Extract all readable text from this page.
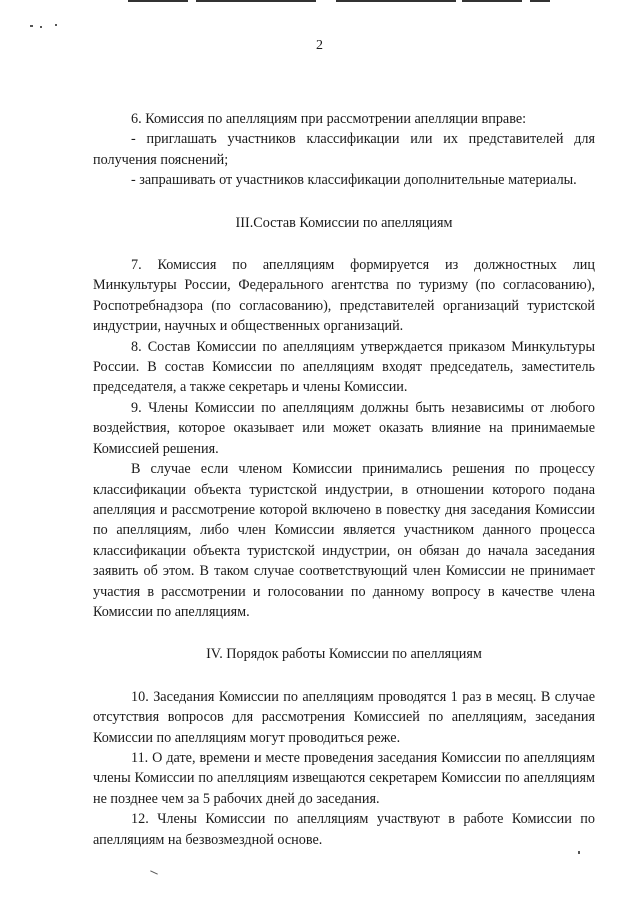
2

6. Комиссия по апелляциям при рассмотрении апелляции вправе:

- приглашать участников классификации или их представителей для получения пояснений;

- запрашивать от участников классификации дополнительные материалы.

III.Состав Комиссии по апелляциям

7. Комиссия по апелляциям формируется из должностных лиц Минкультуры России, Федерального агентства по туризму (по согласованию), Роспотребнадзора (по согласованию), представителей организаций туристской индустрии, научных и общественных организаций.

8. Состав Комиссии по апелляциям утверждается приказом Минкультуры России. В состав Комиссии по апелляциям входят председатель, заместитель председателя, а также секретарь и члены Комиссии.

9. Члены Комиссии по апелляциям должны быть независимы от любого воздействия, которое оказывает или может оказать влияние на принимаемые Комиссией решения.

В случае если членом Комиссии принимались решения по процессу классификации объекта туристской индустрии, в отношении которого подана апелляция и рассмотрение которой включено в повестку дня заседания Комиссии по апелляциям, либо член Комиссии является участником данного процесса классификации объекта туристской индустрии, он обязан до начала заседания заявить об этом. В таком случае соответствующий член Комиссии не принимает участия в рассмотрении и голосовании по данному вопросу в качестве члена Комиссии по апелляциям.

IV. Порядок работы Комиссии по апелляциям

10. Заседания Комиссии по апелляциям проводятся 1 раз в месяц. В случае отсутствия вопросов для рассмотрения Комиссией по апелляциям, заседания Комиссии по апелляциям могут проводиться реже.

11. О дате, времени и месте проведения заседания Комиссии по апелляциям члены Комиссии по апелляциям извещаются секретарем Комиссии по апелляциям не позднее чем за 5 рабочих дней до заседания.

12. Члены Комиссии по апелляциям участвуют в работе Комиссии по апелляциям на безвозмездной основе.
